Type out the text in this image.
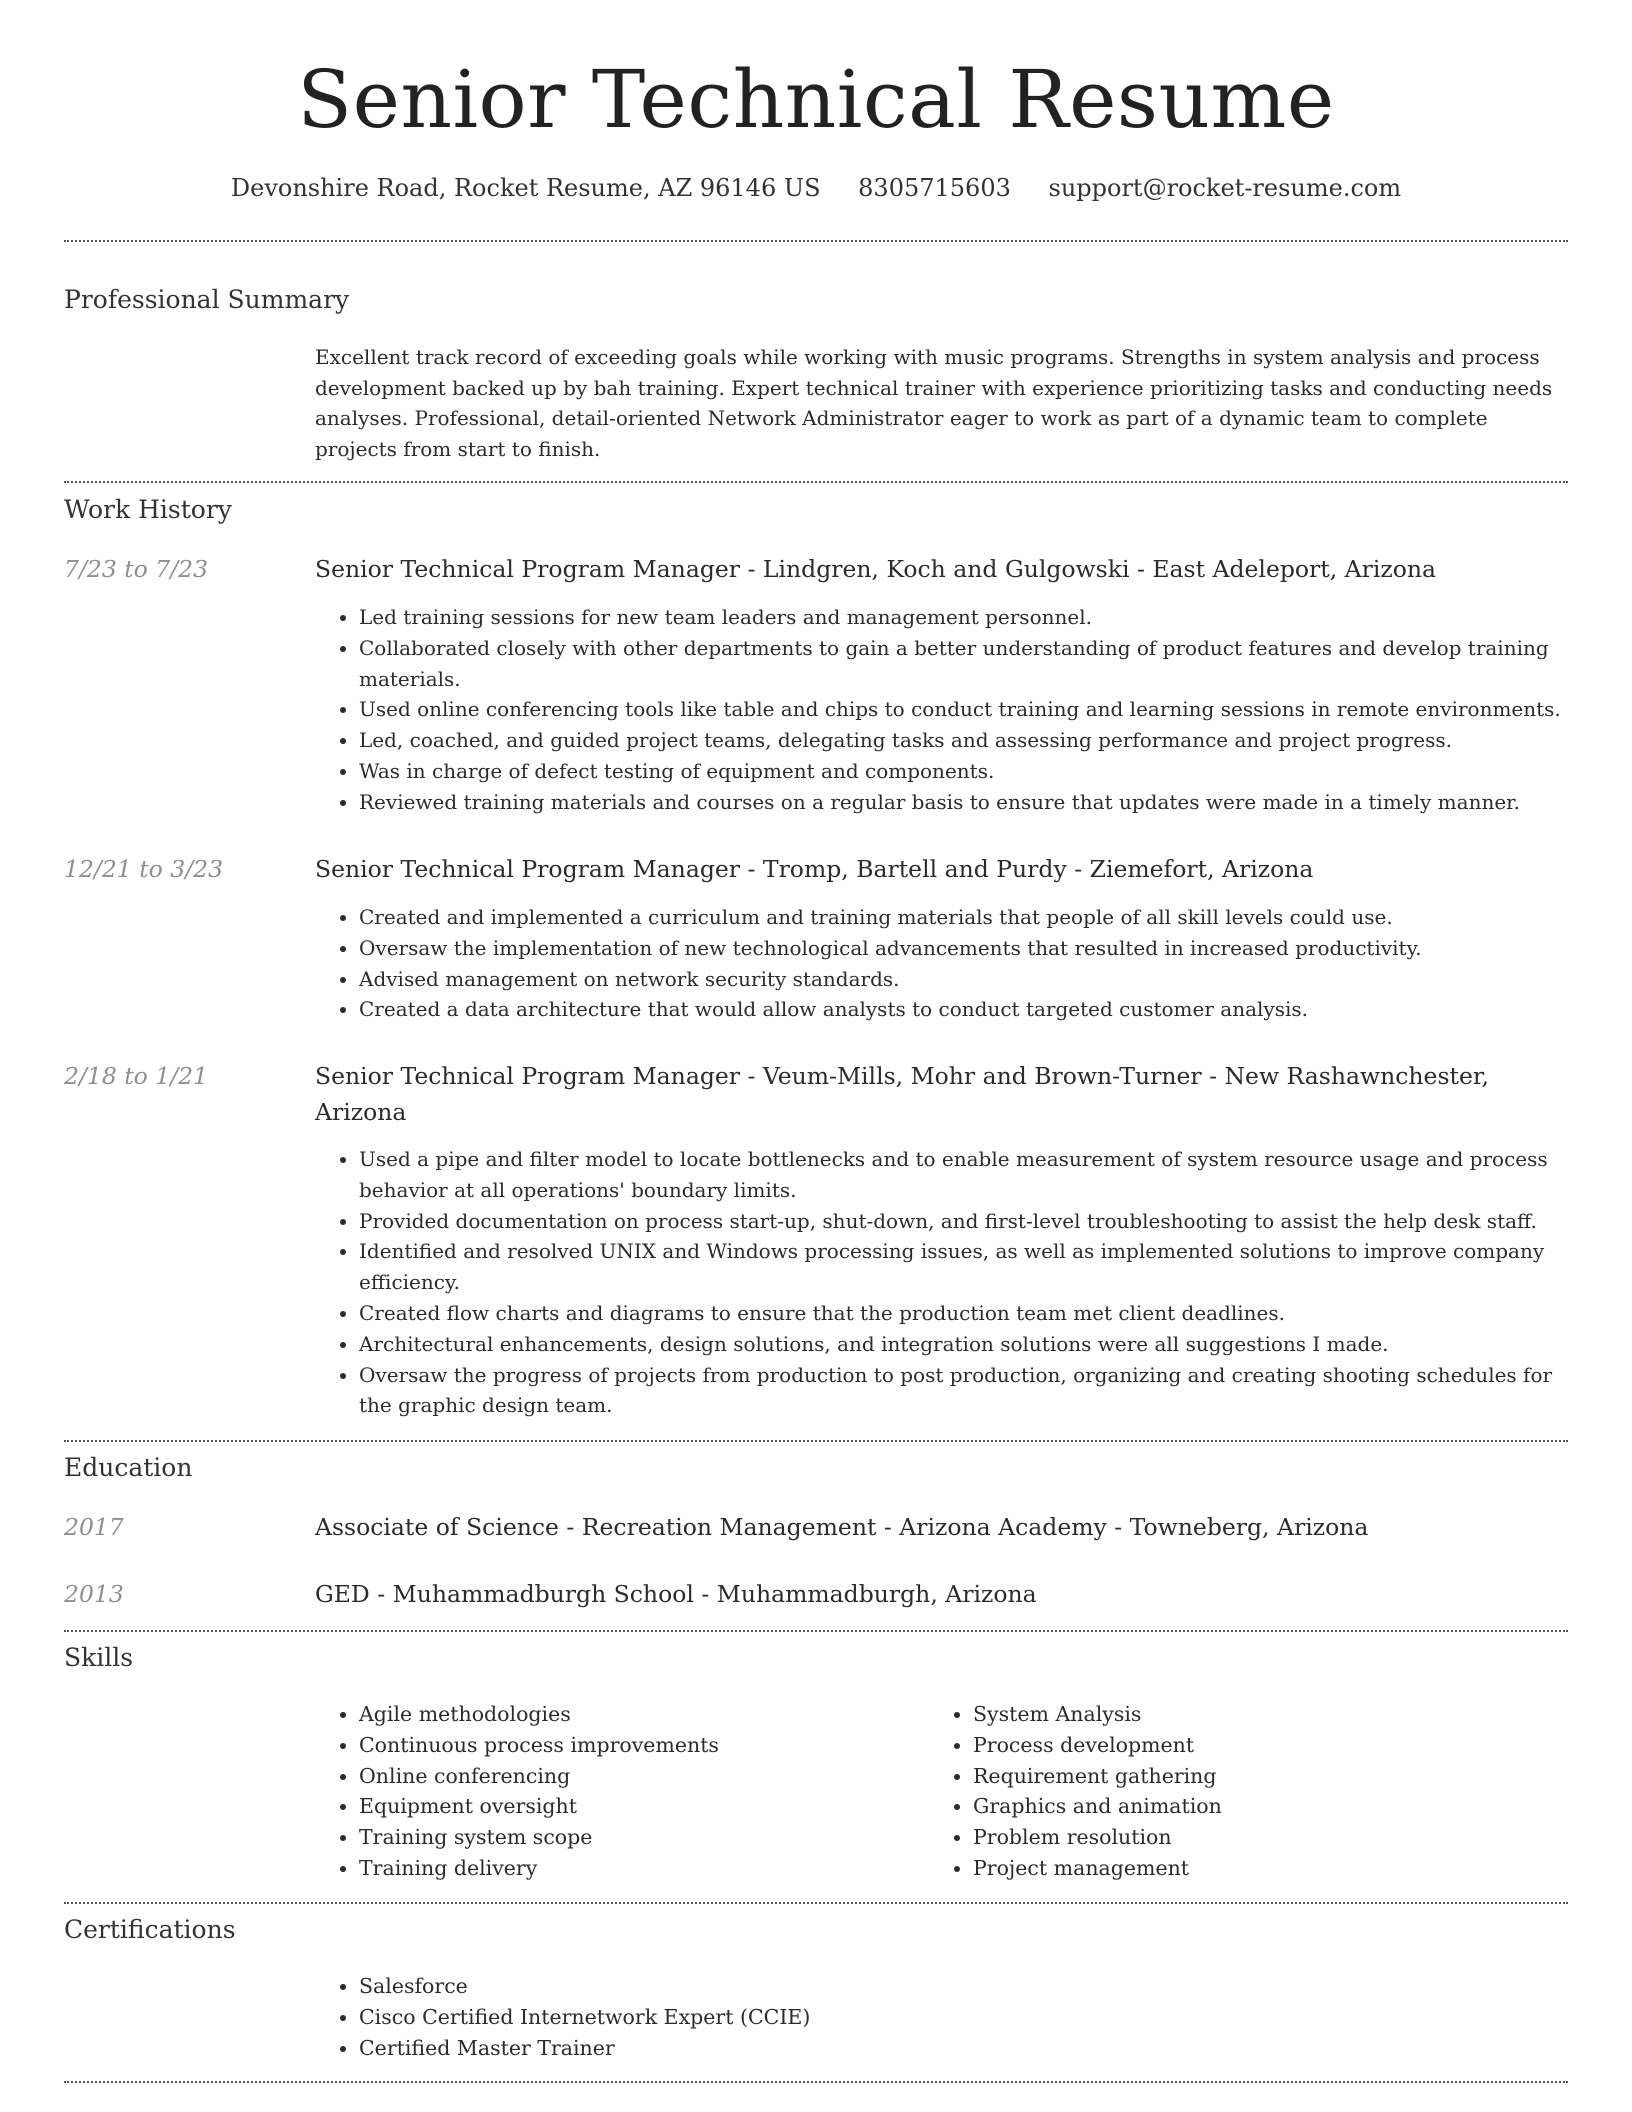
Senior Technical Resume
Devonshire Road, Rocket Resume, AZ 96146 US 8305715603 support@rocket-resume.com
Professional Summary
Excellent track record of exceeding goals while working with music programs. Strengths in system analysis and process development backed up by bah training. Expert technical trainer with experience prioritizing tasks and conducting needs analyses. Professional, detail-oriented Network Administrator eager to work as part of a dynamic team to complete projects from start to finish.
Work History
7/23 to 7/23	Senior Technical Program Manager - Lindgren, Koch and Gulgowski - East Adeleport, Arizona
• Led training sessions for new team leaders and management personnel.
• Collaborated closely with other departments to gain a better understanding of product features and develop training materials.
• Used online conferencing tools like table and chips to conduct training and learning sessions in remote environments.
• Led, coached, and guided project teams, delegating tasks and assessing performance and project progress.
• Was in charge of defect testing of equipment and components.
• Reviewed training materials and courses on a regular basis to ensure that updates were made in a timely manner.
12/21 to 3/23	Senior Technical Program Manager - Tromp, Bartell and Purdy - Ziemefort, Arizona
• Created and implemented a curriculum and training materials that people of all skill levels could use.
• Oversaw the implementation of new technological advancements that resulted in increased productivity.
• Advised management on network security standards.
• Created a data architecture that would allow analysts to conduct targeted customer analysis.
2/18 to 1/21	Senior Technical Program Manager - Veum-Mills, Mohr and Brown-Turner - New Rashawnchester, Arizona
• Used a pipe and filter model to locate bottlenecks and to enable measurement of system resource usage and process behavior at all operations' boundary limits.
• Provided documentation on process start-up, shut-down, and first-level troubleshooting to assist the help desk staff.
• Identified and resolved UNIX and Windows processing issues, as well as implemented solutions to improve company efficiency.
• Created flow charts and diagrams to ensure that the production team met client deadlines.
• Architectural enhancements, design solutions, and integration solutions were all suggestions I made.
• Oversaw the progress of projects from production to post production, organizing and creating shooting schedules for the graphic design team.
Education
2017	Associate of Science - Recreation Management - Arizona Academy - Towneberg, Arizona
2013	GED - Muhammadburgh School - Muhammadburgh, Arizona
Skills
• Agile methodologies
• Continuous process improvements
• Online conferencing
• Equipment oversight
• Training system scope
• Training delivery
• System Analysis
• Process development
• Requirement gathering
• Graphics and animation
• Problem resolution
• Project management
Certifications
• Salesforce
• Cisco Certified Internetwork Expert (CCIE)
• Certified Master Trainer
